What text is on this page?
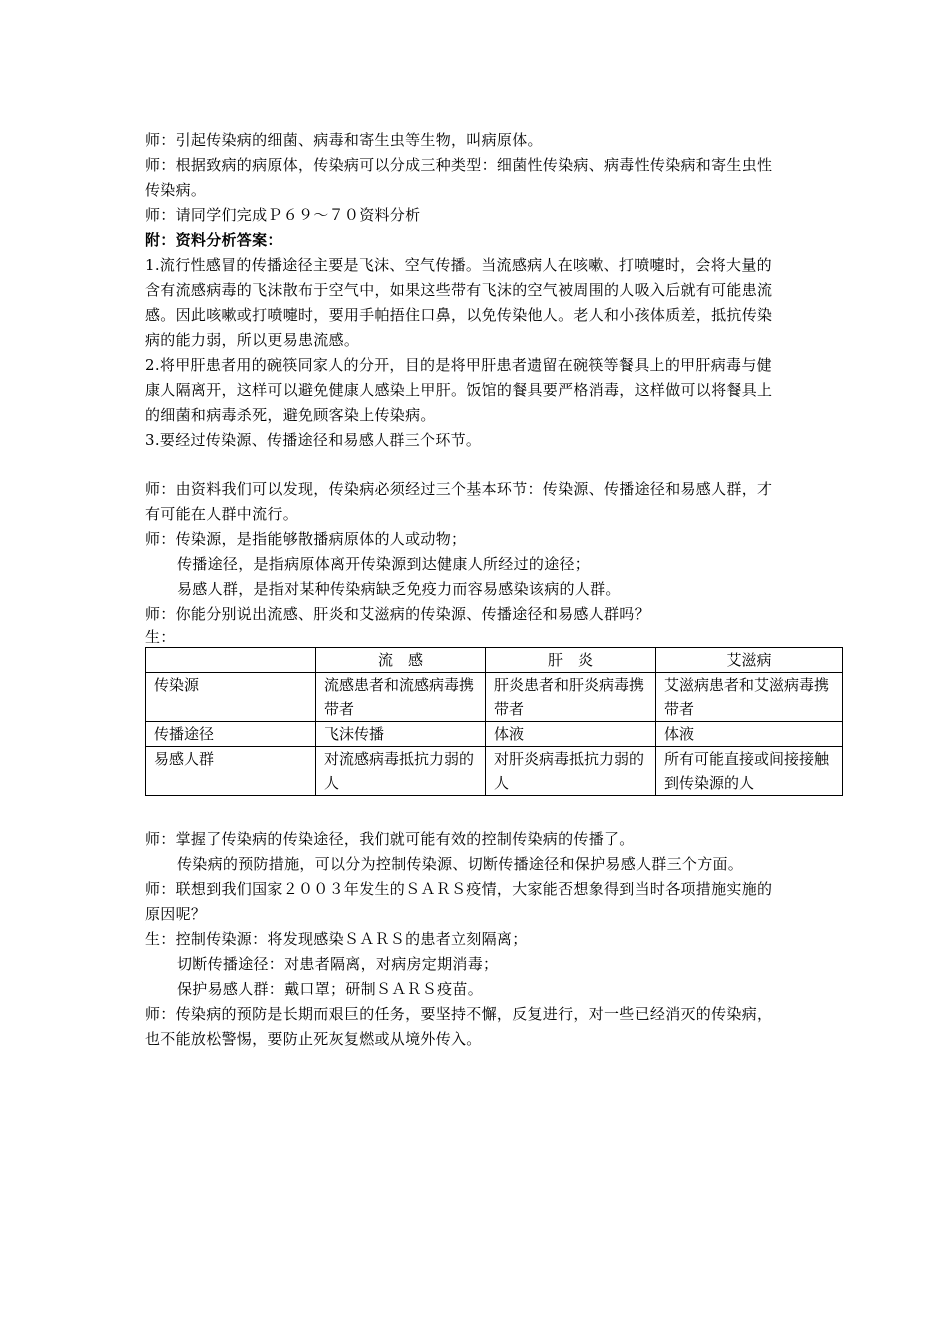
师：引起传染病的细菌、病毒和寄生虫等生物，叫病原体。
师：根据致病的病原体，传染病可以分成三种类型：细菌性传染病、病毒性传染病和寄生虫性
传染病。
师：请同学们完成Ｐ６９～７０资料分析
附：资料分析答案：
1.流行性感冒的传播途径主要是飞沫、空气传播。当流感病人在咳嗽、打喷嚏时，会将大量的
含有流感病毒的飞沫散布于空气中，如果这些带有飞沫的空气被周围的人吸入后就有可能患流
感。因此咳嗽或打喷嚏时，要用手帕捂住口鼻，以免传染他人。老人和小孩体质差，抵抗传染
病的能力弱，所以更易患流感。
2.将甲肝患者用的碗筷同家人的分开，目的是将甲肝患者遗留在碗筷等餐具上的甲肝病毒与健
康人隔离开，这样可以避免健康人感染上甲肝。饭馆的餐具要严格消毒，这样做可以将餐具上
的细菌和病毒杀死，避免顾客染上传染病。
3.要经过传染源、传播途径和易感人群三个环节。
师：由资料我们可以发现，传染病必须经过三个基本环节：传染源、传播途径和易感人群，才
有可能在人群中流行。
师：传染源，是指能够散播病原体的人或动物；
传播途径，是指病原体离开传染源到达健康人所经过的途径；
易感人群，是指对某种传染病缺乏免疫力而容易感染该病的人群。
师：你能分别说出流感、肝炎和艾滋病的传染源、传播途径和易感人群吗？
生：
	流　感	肝　炎	艾滋病
传染源	流感患者和流感病毒携带者	肝炎患者和肝炎病毒携带者	艾滋病患者和艾滋病毒携带者
传播途径	飞沫传播	体液	体液
易感人群	对流感病毒抵抗力弱的人	对肝炎病毒抵抗力弱的人	所有可能直接或间接接触到传染源的人
师：掌握了传染病的传染途径，我们就可能有效的控制传染病的传播了。
传染病的预防措施，可以分为控制传染源、切断传播途径和保护易感人群三个方面。
师：联想到我们国家２００３年发生的ＳＡＲＳ疫情，大家能否想象得到当时各项措施实施的
原因呢？
生：控制传染源：将发现感染ＳＡＲＳ的患者立刻隔离；
切断传播途径：对患者隔离，对病房定期消毒；
保护易感人群：戴口罩；研制ＳＡＲＳ疫苗。
师：传染病的预防是长期而艰巨的任务，要坚持不懈，反复进行，对一些已经消灭的传染病，
也不能放松警惕，要防止死灰复燃或从境外传入。
